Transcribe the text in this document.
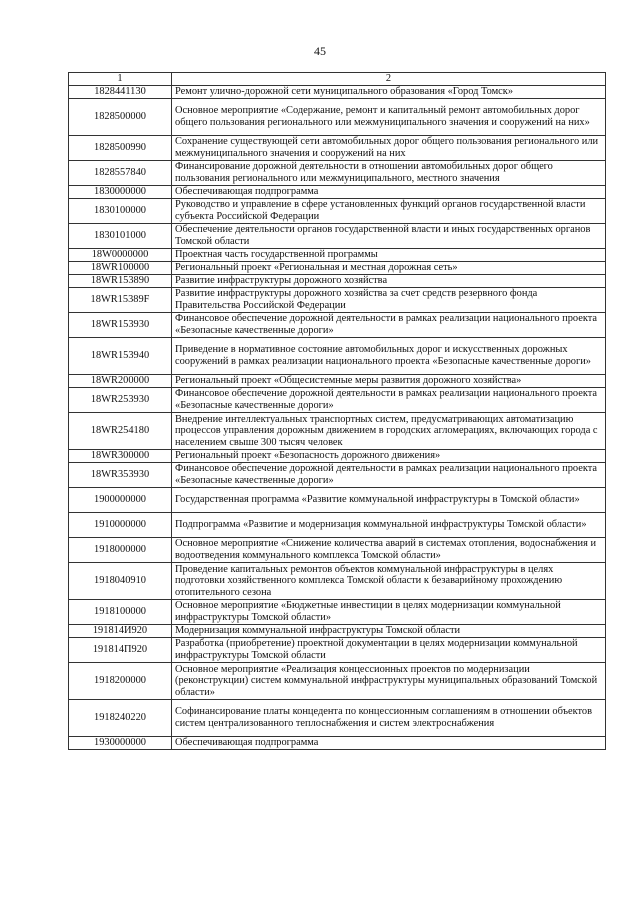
45
1	2
1828441130	Ремонт улично-дорожной сети муниципального образования «Город Томск»
1828500000	Основное мероприятие «Содержание, ремонт и капитальный ремонт автомобильных дорог общего пользования регионального или межмуниципального значения и сооружений на них»
1828500990	Сохранение существующей сети автомобильных дорог общего пользования регионального или межмуниципального значения и сооружений на них
1828557840	Финансирование дорожной деятельности в отношении автомобильных дорог общего пользования регионального или межмуниципального, местного значения
1830000000	Обеспечивающая подпрограмма
1830100000	Руководство и управление в сфере установленных функций органов государственной власти субъекта Российской Федерации
1830101000	Обеспечение деятельности органов государственной власти и иных государственных органов Томской области
18W0000000	Проектная часть государственной программы
18WR100000	Региональный проект «Региональная и местная дорожная сеть»
18WR153890	Развитие инфраструктуры дорожного хозяйства
18WR15389F	Развитие инфраструктуры дорожного хозяйства за счет средств резервного фонда Правительства Российской Федерации
18WR153930	Финансовое обеспечение дорожной деятельности в рамках реализации национального проекта «Безопасные качественные дороги»
18WR153940	Приведение в нормативное состояние автомобильных дорог и искусственных дорожных сооружений в рамках реализации национального проекта «Безопасные качественные дороги»
18WR200000	Региональный проект «Общесистемные меры развития дорожного хозяйства»
18WR253930	Финансовое обеспечение дорожной деятельности в рамках реализации национального проекта «Безопасные качественные дороги»
18WR254180	Внедрение интеллектуальных транспортных систем, предусматривающих автоматизацию процессов управления дорожным движением в городских агломерациях, включающих города с населением свыше 300 тысяч человек
18WR300000	Региональный проект «Безопасность дорожного движения»
18WR353930	Финансовое обеспечение дорожной деятельности в рамках реализации национального проекта «Безопасные качественные дороги»
1900000000	Государственная программа «Развитие коммунальной инфраструктуры в Томской области»
1910000000	Подпрограмма «Развитие и модернизация коммунальной инфраструктуры Томской области»
1918000000	Основное мероприятие «Снижение количества аварий в системах отопления, водоснабжения и водоотведения коммунального комплекса Томской области»
1918040910	Проведение капитальных ремонтов объектов коммунальной инфраструктуры в целях подготовки хозяйственного комплекса Томской области к безаварийному прохождению отопительного сезона
1918100000	Основное мероприятие «Бюджетные инвестиции в целях модернизации коммунальной инфраструктуры Томской области»
191814И920	Модернизация коммунальной инфраструктуры Томской области
191814П920	Разработка (приобретение) проектной документации в целях модернизации коммунальной инфраструктуры Томской области
1918200000	Основное мероприятие «Реализация концессионных проектов по модернизации (реконструкции) систем коммунальной инфраструктуры муниципальных образований Томской области»
1918240220	Софинансирование платы концедента по концессионным соглашениям в отношении объектов систем централизованного теплоснабжения и систем электроснабжения
1930000000	Обеспечивающая подпрограмма
